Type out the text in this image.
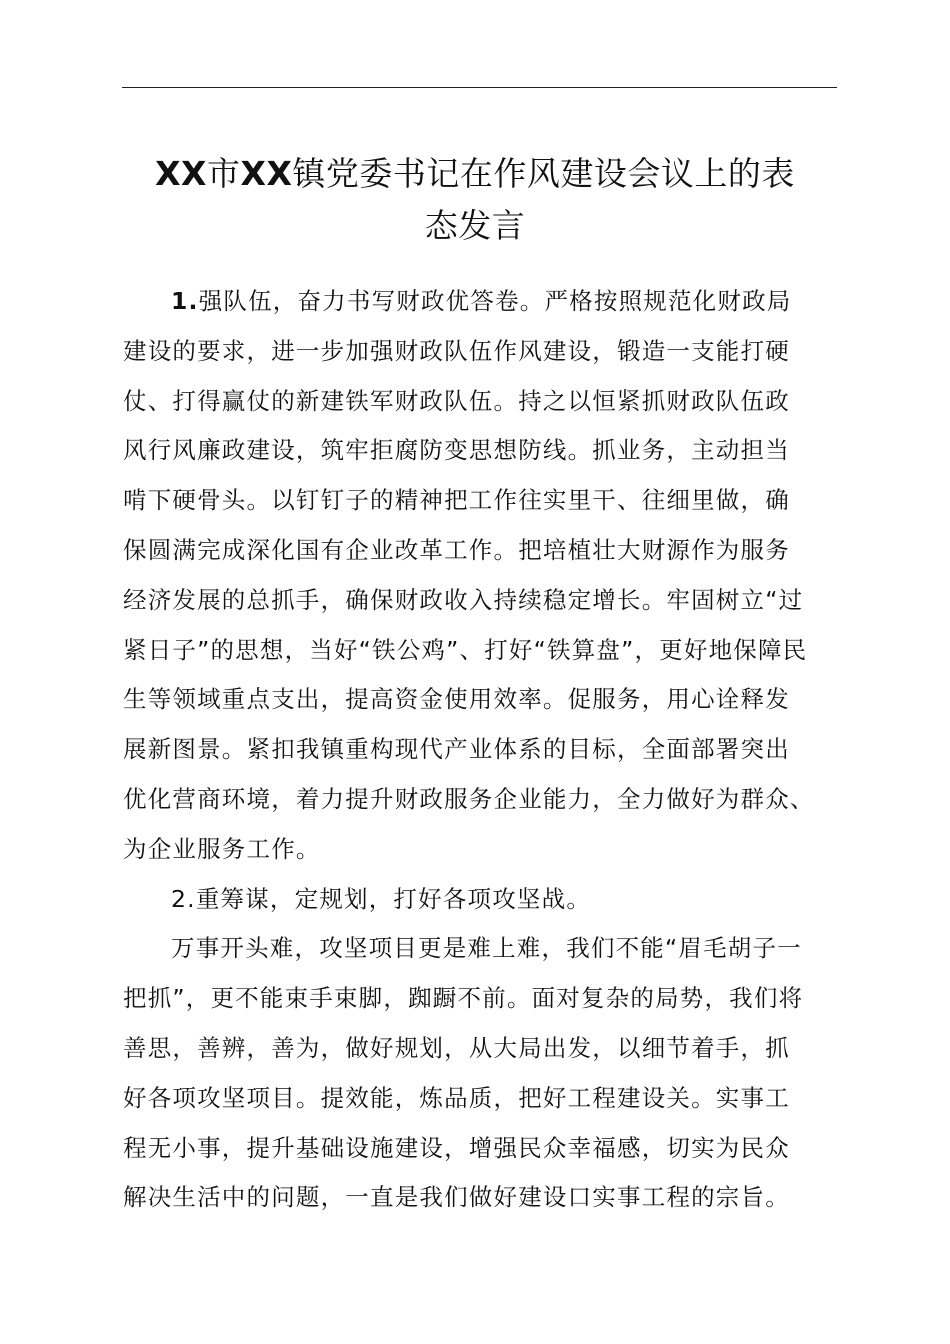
XX市XX镇党委书记在作风建设会议上的表
态发言
1.强队伍，奋力书写财政优答卷。严格按照规范化财政局
建设的要求，进一步加强财政队伍作风建设，锻造一支能打硬
仗、打得赢仗的新建铁军财政队伍。持之以恒紧抓财政队伍政
风行风廉政建设，筑牢拒腐防变思想防线。抓业务，主动担当
啃下硬骨头。以钉钉子的精神把工作往实里干、往细里做，确
保圆满完成深化国有企业改革工作。把培植壮大财源作为服务
经济发展的总抓手，确保财政收入持续稳定增长。牢固树立“过
紧日子”的思想，当好“铁公鸡”、打好“铁算盘”，更好地保障民
生等领域重点支出，提高资金使用效率。促服务，用心诠释发
展新图景。紧扣我镇重构现代产业体系的目标，全面部署突出
优化营商环境，着力提升财政服务企业能力，全力做好为群众、
为企业服务工作。
2.重筹谋，定规划，打好各项攻坚战。
万事开头难，攻坚项目更是难上难，我们不能“眉毛胡子一
把抓”，更不能束手束脚，踟蹰不前。面对复杂的局势，我们将
善思，善辨，善为，做好规划，从大局出发，以细节着手，抓
好各项攻坚项目。提效能，炼品质，把好工程建设关。实事工
程无小事，提升基础设施建设，增强民众幸福感，切实为民众
解决生活中的问题，一直是我们做好建设口实事工程的宗旨。
